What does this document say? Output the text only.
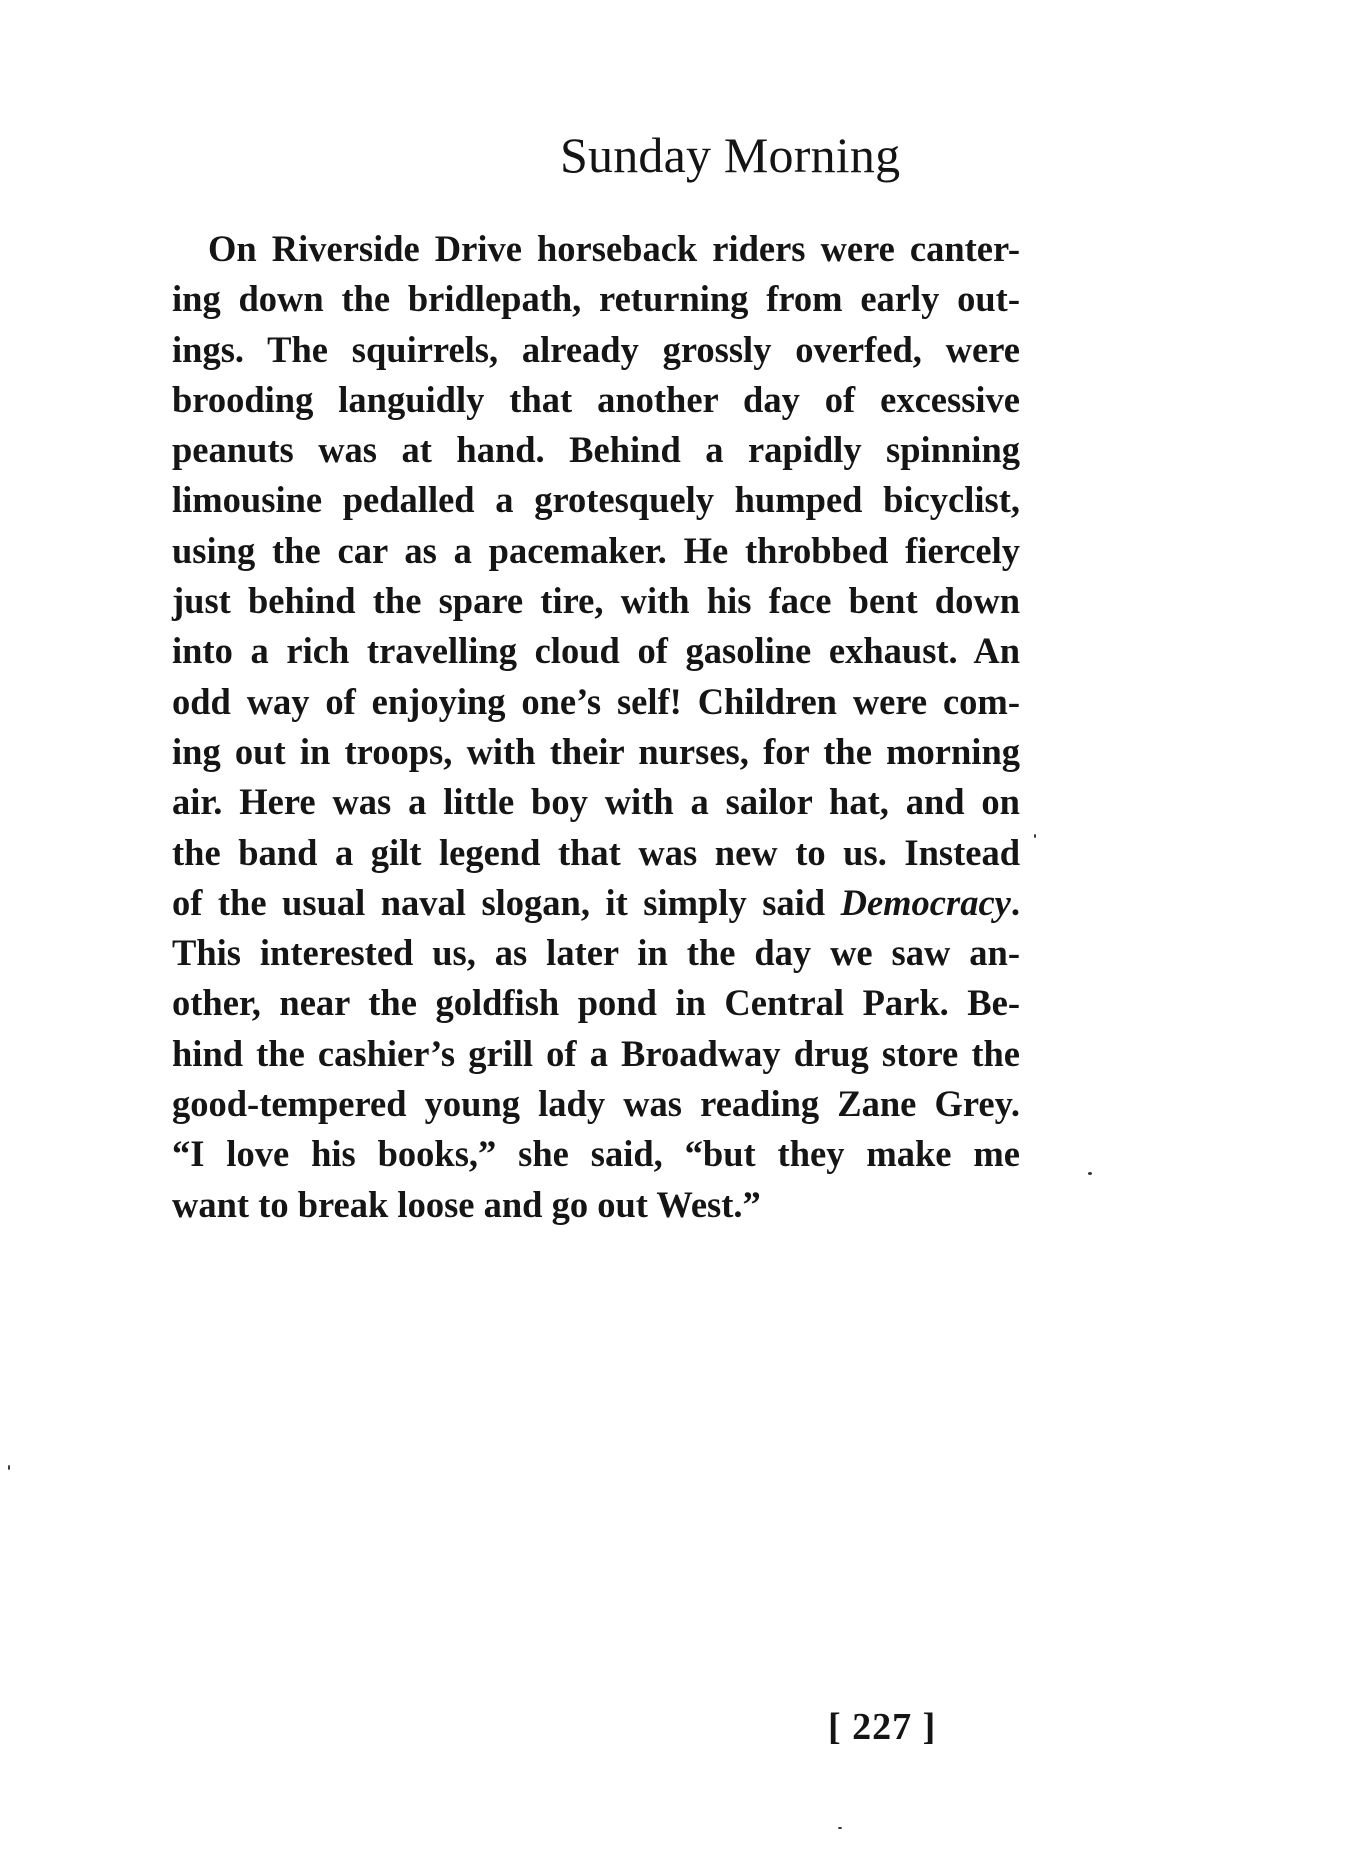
Sunday Morning
On Riverside Drive horseback riders were canter-
ing down the bridlepath, returning from early out-
ings. The squirrels, already grossly overfed, were
brooding languidly that another day of excessive
peanuts was at hand. Behind a rapidly spinning
limousine pedalled a grotesquely humped bicyclist,
using the car as a pacemaker. He throbbed fiercely
just behind the spare tire, with his face bent down
into a rich travelling cloud of gasoline exhaust. An
odd way of enjoying one’s self! Children were com-
ing out in troops, with their nurses, for the morning
air. Here was a little boy with a sailor hat, and on
the band a gilt legend that was new to us. Instead
of the usual naval slogan, it simply said Democracy.
This interested us, as later in the day we saw an-
other, near the goldfish pond in Central Park. Be-
hind the cashier’s grill of a Broadway drug store the
good-tempered young lady was reading Zane Grey.
“I love his books,” she said, “but they make me
want to break loose and go out West.”
[ 227 ]
